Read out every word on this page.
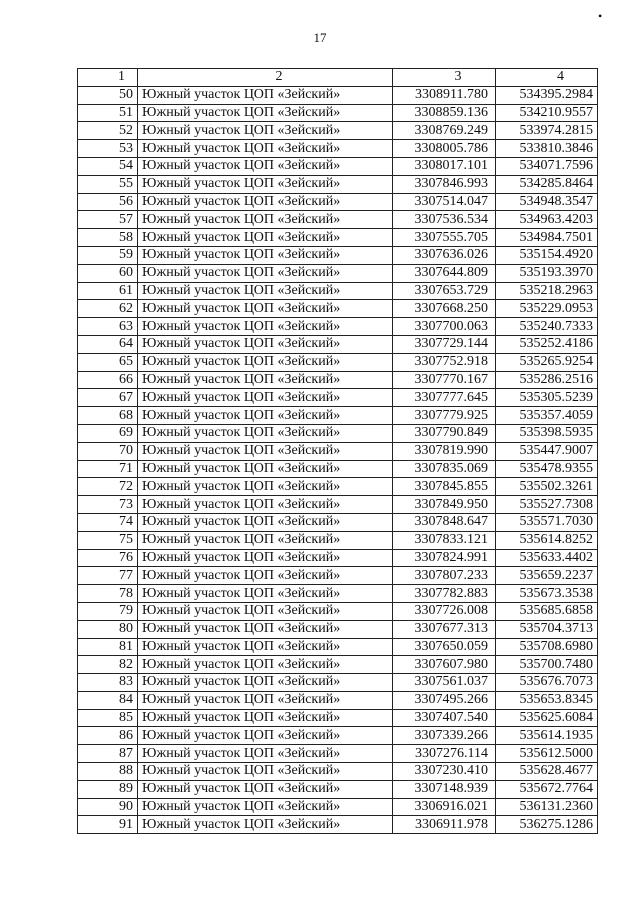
•
17
1	2	3	4
50	Южный участок ЦОП «Зейский»	3308911.780	534395.2984
51	Южный участок ЦОП «Зейский»	3308859.136	534210.9557
52	Южный участок ЦОП «Зейский»	3308769.249	533974.2815
53	Южный участок ЦОП «Зейский»	3308005.786	533810.3846
54	Южный участок ЦОП «Зейский»	3308017.101	534071.7596
55	Южный участок ЦОП «Зейский»	3307846.993	534285.8464
56	Южный участок ЦОП «Зейский»	3307514.047	534948.3547
57	Южный участок ЦОП «Зейский»	3307536.534	534963.4203
58	Южный участок ЦОП «Зейский»	3307555.705	534984.7501
59	Южный участок ЦОП «Зейский»	3307636.026	535154.4920
60	Южный участок ЦОП «Зейский»	3307644.809	535193.3970
61	Южный участок ЦОП «Зейский»	3307653.729	535218.2963
62	Южный участок ЦОП «Зейский»	3307668.250	535229.0953
63	Южный участок ЦОП «Зейский»	3307700.063	535240.7333
64	Южный участок ЦОП «Зейский»	3307729.144	535252.4186
65	Южный участок ЦОП «Зейский»	3307752.918	535265.9254
66	Южный участок ЦОП «Зейский»	3307770.167	535286.2516
67	Южный участок ЦОП «Зейский»	3307777.645	535305.5239
68	Южный участок ЦОП «Зейский»	3307779.925	535357.4059
69	Южный участок ЦОП «Зейский»	3307790.849	535398.5935
70	Южный участок ЦОП «Зейский»	3307819.990	535447.9007
71	Южный участок ЦОП «Зейский»	3307835.069	535478.9355
72	Южный участок ЦОП «Зейский»	3307845.855	535502.3261
73	Южный участок ЦОП «Зейский»	3307849.950	535527.7308
74	Южный участок ЦОП «Зейский»	3307848.647	535571.7030
75	Южный участок ЦОП «Зейский»	3307833.121	535614.8252
76	Южный участок ЦОП «Зейский»	3307824.991	535633.4402
77	Южный участок ЦОП «Зейский»	3307807.233	535659.2237
78	Южный участок ЦОП «Зейский»	3307782.883	535673.3538
79	Южный участок ЦОП «Зейский»	3307726.008	535685.6858
80	Южный участок ЦОП «Зейский»	3307677.313	535704.3713
81	Южный участок ЦОП «Зейский»	3307650.059	535708.6980
82	Южный участок ЦОП «Зейский»	3307607.980	535700.7480
83	Южный участок ЦОП «Зейский»	3307561.037	535676.7073
84	Южный участок ЦОП «Зейский»	3307495.266	535653.8345
85	Южный участок ЦОП «Зейский»	3307407.540	535625.6084
86	Южный участок ЦОП «Зейский»	3307339.266	535614.1935
87	Южный участок ЦОП «Зейский»	3307276.114	535612.5000
88	Южный участок ЦОП «Зейский»	3307230.410	535628.4677
89	Южный участок ЦОП «Зейский»	3307148.939	535672.7764
90	Южный участок ЦОП «Зейский»	3306916.021	536131.2360
91	Южный участок ЦОП «Зейский»	3306911.978	536275.1286
